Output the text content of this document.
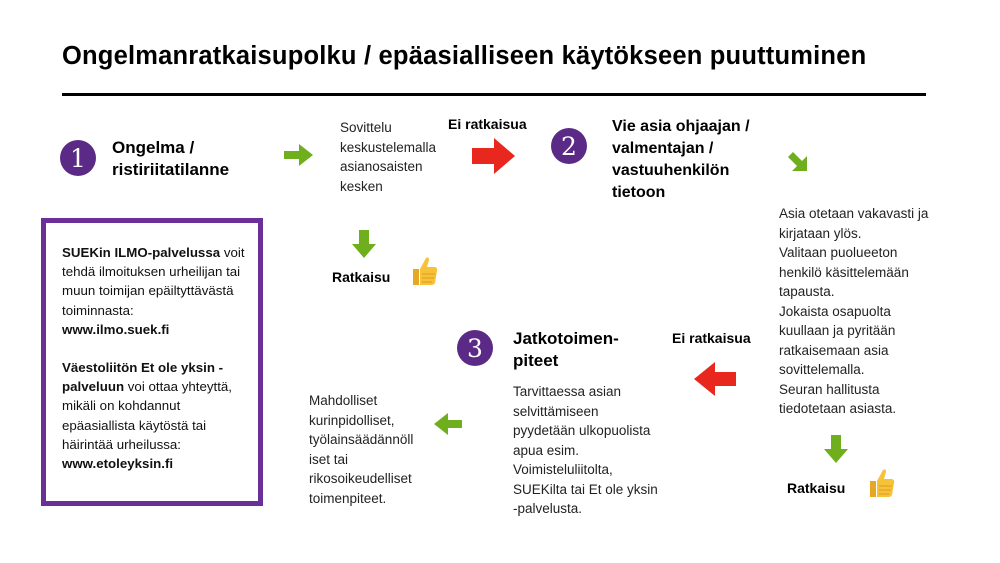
Ongelmanratkaisupolku / epäasialliseen käytökseen puuttuminen
1	Ongelma /
ristiriitatilanne
Sovittelu
keskustelemalla
asianosaisten
kesken
Ei ratkaisua
2
Vie asia ohjaajan /
valmentajan /
vastuuhenkilön
tietoon
Asia otetaan vakavasti ja
kirjataan ylös.
Valitaan puolueeton
henkilö käsittelemään
tapausta.
Jokaista osapuolta
kuullaan ja pyritään
ratkaisemaan asia
sovittelemalla.
Seuran hallitusta
tiedotetaan asiasta.
Ratkaisu
Ratkaisu
Ei ratkaisua
3	Jatkotoimen-
piteet
Tarvittaessa asian
selvittämiseen
pyydetään ulkopuolista
apua esim.
Voimisteluliitolta,
SUEKilta tai Et ole yksin
-palvelusta.
Mahdolliset
kurinpidolliset,
työlainsäädännöll
iset tai
rikosoikeudelliset
toimenpiteet.

SUEKin ILMO-palvelussa voit tehdä ilmoituksen urheilijan tai muun toimijan epäiltyttävästä toiminnasta:
www.ilmo.suek.fi

Väestoliitön Et ole yksin - palveluun voi ottaa yhteyttä, mikäli on kohdannut epäasiallista käytöstä tai häirintää urheilussa:
www.etoleyksin.fi
